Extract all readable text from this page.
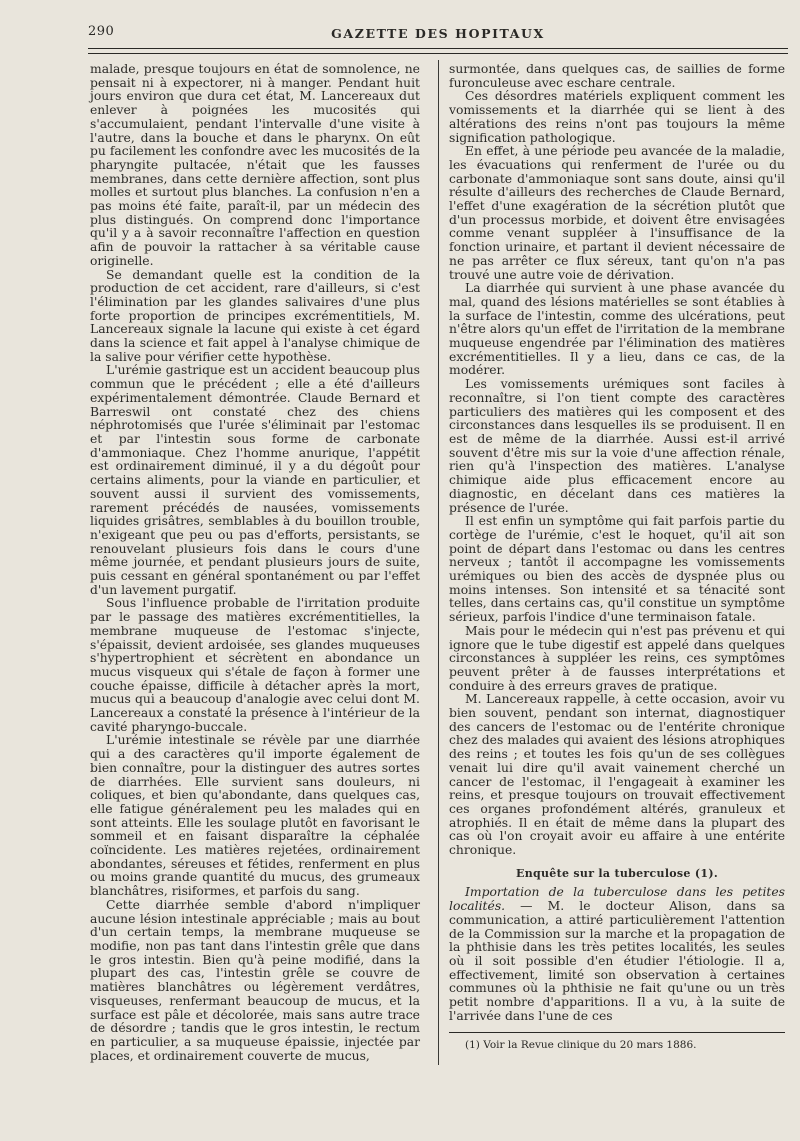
290	GAZETTE DES HOPITAUX

malade, presque toujours en état de somnolence, ne pensait ni à expectorer, ni à manger. Pendant huit jours environ que dura cet état, M. Lancereaux dut enlever à poignées les mucosités qui s'accumulaient, pendant l'intervalle d'une visite à l'autre, dans la bouche et dans le pharynx. On eût pu facilement les confondre avec les mucosités de la pharyngite pultacée, n'était que les fausses membranes, dans cette dernière affection, sont plus molles et surtout plus blanches. La confusion n'en a pas moins été faite, paraît-il, par un médecin des plus distingués. On comprend donc l'importance qu'il y a à savoir reconnaître l'affection en question afin de pouvoir la rattacher à sa véritable cause originelle.

Se demandant quelle est la condition de la production de cet accident, rare d'ailleurs, si c'est l'élimination par les glandes salivaires d'une plus forte proportion de principes excrémentitiels, M. Lancereaux signale la lacune qui existe à cet égard dans la science et fait appel à l'analyse chimique de la salive pour vérifier cette hypothèse.

L'urémie gastrique est un accident beaucoup plus commun que le précédent ; elle a été d'ailleurs expérimentalement démontrée. Claude Bernard et Barreswil ont constaté chez des chiens néphrotomisés que l'urée s'éliminait par l'estomac et par l'intestin sous forme de carbonate d'ammoniaque. Chez l'homme anurique, l'appétit est ordinairement diminué, il y a du dégoût pour certains aliments, pour la viande en particulier, et souvent aussi il survient des vomissements, rarement précédés de nausées, vomissements liquides grisâtres, semblables à du bouillon trouble, n'exigeant que peu ou pas d'efforts, persistants, se renouvelant plusieurs fois dans le cours d'une même journée, et pendant plusieurs jours de suite, puis cessant en général spontanément ou par l'effet d'un lavement purgatif.

Sous l'influence probable de l'irritation produite par le passage des matières excrémentitielles, la membrane muqueuse de l'estomac s'injecte, s'épaissit, devient ardoisée, ses glandes muqueuses s'hypertrophient et sécrètent en abondance un mucus visqueux qui s'étale de façon à former une couche épaisse, difficile à détacher après la mort, mucus qui a beaucoup d'analogie avec celui dont M. Lancereaux a constaté la présence à l'intérieur de la cavité pharyngo-buccale.

L'urémie intestinale se révèle par une diarrhée qui a des caractères qu'il importe également de bien connaître, pour la distinguer des autres sortes de diarrhées. Elle survient sans douleurs, ni coliques, et bien qu'abondante, dans quelques cas, elle fatigue généralement peu les malades qui en sont atteints. Elle les soulage plutôt en favorisant le sommeil et en faisant disparaître la céphalée coïncidente. Les matières rejetées, ordinairement abondantes, séreuses et fétides, renferment en plus ou moins grande quantité du mucus, des grumeaux blanchâtres, risiformes, et parfois du sang.

Cette diarrhée semble d'abord n'impliquer aucune lésion intestinale appréciable ; mais au bout d'un certain temps, la membrane muqueuse se modifie, non pas tant dans l'intestin grêle que dans le gros intestin. Bien qu'à peine modifié, dans la plupart des cas, l'intestin grêle se couvre de matières blanchâtres ou légèrement verdâtres, visqueuses, renfermant beaucoup de mucus, et la surface est pâle et décolorée, mais sans autre trace de désordre ; tandis que le gros intestin, le rectum en particulier, a sa muqueuse épaissie, injectée par places, et ordinairement couverte de mucus,

surmontée, dans quelques cas, de saillies de forme furonculeuse avec eschare centrale.

Ces désordres matériels expliquent comment les vomissements et la diarrhée qui se lient à des altérations des reins n'ont pas toujours la même signification pathologique.

En effet, à une période peu avancée de la maladie, les évacuations qui renferment de l'urée ou du carbonate d'ammoniaque sont sans doute, ainsi qu'il résulte d'ailleurs des recherches de Claude Bernard, l'effet d'une exagération de la sécrétion plutôt que d'un processus morbide, et doivent être envisagées comme venant suppléer à l'insuffisance de la fonction urinaire, et partant il devient nécessaire de ne pas arrêter ce flux séreux, tant qu'on n'a pas trouvé une autre voie de dérivation.

La diarrhée qui survient à une phase avancée du mal, quand des lésions matérielles se sont établies à la surface de l'intestin, comme des ulcérations, peut n'être alors qu'un effet de l'irritation de la membrane muqueuse engendrée par l'élimination des matières excrémentitielles. Il y a lieu, dans ce cas, de la modérer.

Les vomissements urémiques sont faciles à reconnaître, si l'on tient compte des caractères particuliers des matières qui les composent et des circonstances dans lesquelles ils se produisent. Il en est de même de la diarrhée. Aussi est-il arrivé souvent d'être mis sur la voie d'une affection rénale, rien qu'à l'inspection des matières. L'analyse chimique aide plus efficacement encore au diagnostic, en décelant dans ces matières la présence de l'urée.

Il est enfin un symptôme qui fait parfois partie du cortège de l'urémie, c'est le hoquet, qu'il ait son point de départ dans l'estomac ou dans les centres nerveux ; tantôt il accompagne les vomissements urémiques ou bien des accès de dyspnée plus ou moins intenses. Son intensité et sa ténacité sont telles, dans certains cas, qu'il constitue un symptôme sérieux, parfois l'indice d'une terminaison fatale.

Mais pour le médecin qui n'est pas prévenu et qui ignore que le tube digestif est appelé dans quelques circonstances à suppléer les reins, ces symptômes peuvent prêter à de fausses interprétations et conduire à des erreurs graves de pratique.

M. Lancereaux rappelle, à cette occasion, avoir vu bien souvent, pendant son internat, diagnostiquer des cancers de l'estomac ou de l'entérite chronique chez des malades qui avaient des lésions atrophiques des reins ; et toutes les fois qu'un de ses collègues venait lui dire qu'il avait vainement cherché un cancer de l'estomac, il l'engageait à examiner les reins, et presque toujours on trouvait effectivement ces organes profondément altérés, granuleux et atrophiés. Il en était de même dans la plupart des cas où l'on croyait avoir eu affaire à une entérite chronique.

Enquête sur la tuberculose (1).

Importation de la tuberculose dans les petites localités. — M. le docteur Alison, dans sa communication, a attiré particulièrement l'attention de la Commission sur la marche et la propagation de la phthisie dans les très petites localités, les seules où il soit possible d'en étudier l'étiologie. Il a, effectivement, limité son observation à certaines communes où la phthisie ne fait qu'une ou un très petit nombre d'apparitions. Il a vu, à la suite de l'arrivée dans l'une de ces

(1) Voir la Revue clinique du 20 mars 1886.
